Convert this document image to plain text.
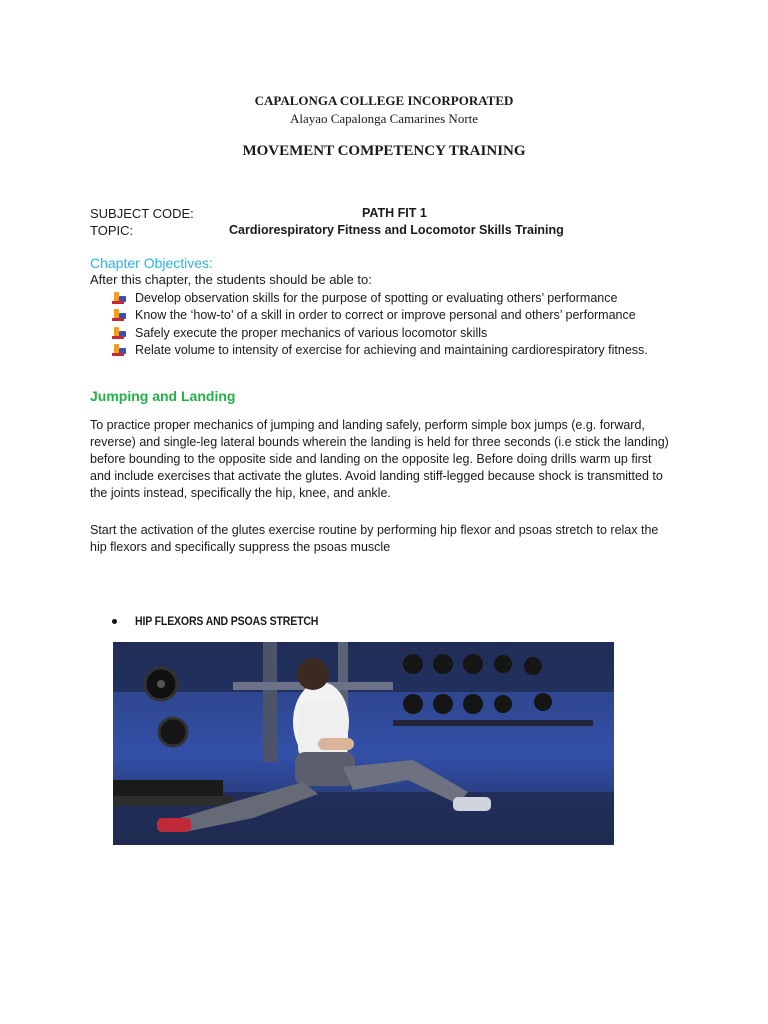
CAPALONGA COLLEGE INCORPORATED
Alayao Capalonga Camarines Norte
MOVEMENT COMPETENCY TRAINING
SUBJECT CODE:	PATH FIT 1
TOPIC:	Cardiorespiratory Fitness and Locomotor Skills Training
Chapter Objectives:
After this chapter, the students should be able to:
Develop observation skills for the purpose of spotting or evaluating others’ performance
Know the ‘how-to’ of a skill in order to correct or improve personal and others’ performance
Safely execute the proper mechanics of various locomotor skills
Relate volume to intensity of exercise for achieving and maintaining cardiorespiratory fitness.
Jumping and Landing

To practice proper mechanics of jumping and landing safely, perform simple box jumps (e.g. forward,
reverse) and single-leg lateral bounds wherein the landing is held for three seconds (i.e stick the landing)
before bounding to the opposite side and landing on the opposite leg. Before doing drills warm up first
and include exercises that activate the glutes. Avoid landing stiff-legged because shock is transmitted to
the joints instead, specifically the hip, knee, and ankle.

Start the activation of the glutes exercise routine by performing hip flexor and psoas stretch to relax the
hip flexors and specifically suppress the psoas muscle

HIP FLEXORS AND PSOAS STRETCH
